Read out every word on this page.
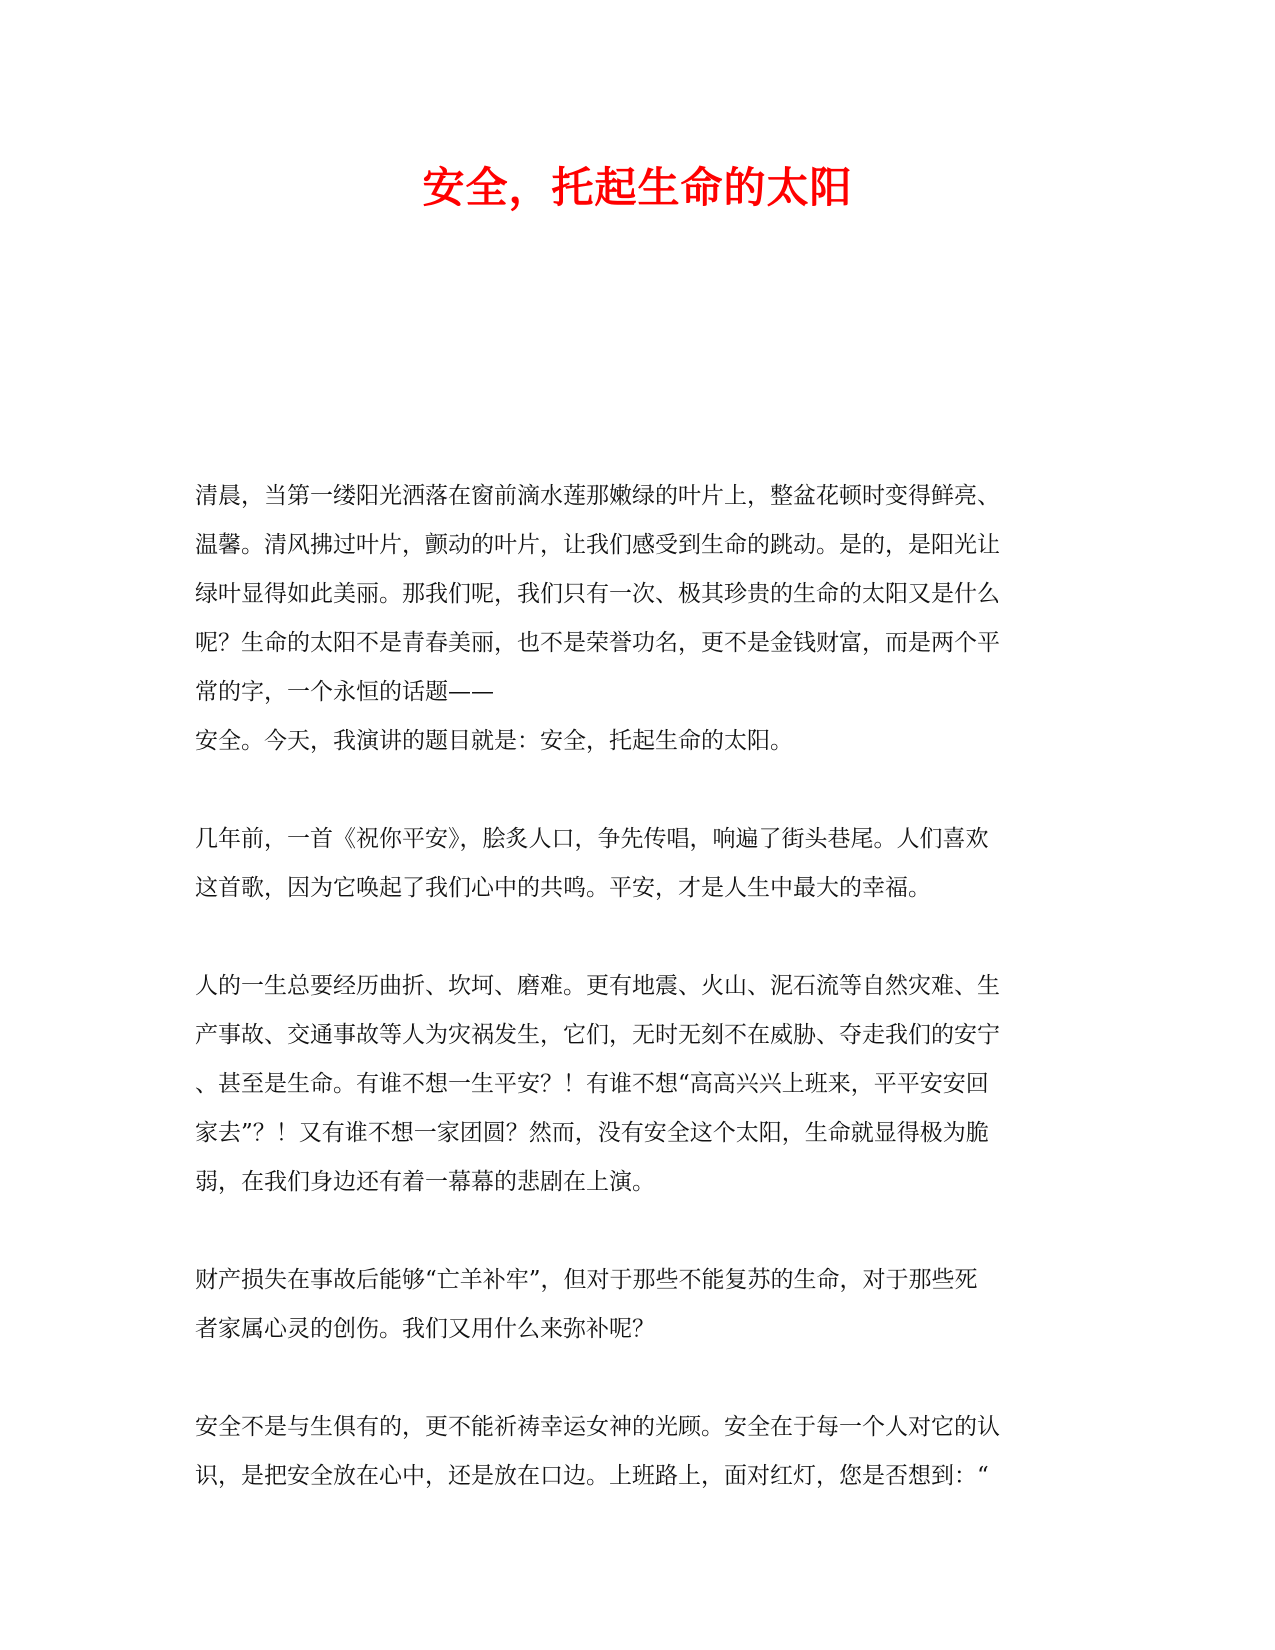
安全，托起生命的太阳

清晨，当第一缕阳光洒落在窗前滴水莲那嫩绿的叶片上，整盆花顿时变得鲜亮、
温馨。清风拂过叶片，颤动的叶片，让我们感受到生命的跳动。是的，是阳光让
绿叶显得如此美丽。那我们呢，我们只有一次、极其珍贵的生命的太阳又是什么
呢？生命的太阳不是青春美丽，也不是荣誉功名，更不是金钱财富，而是两个平
常的字，一个永恒的话题——
安全。今天，我演讲的题目就是：安全，托起生命的太阳。

几年前，一首《祝你平安》，脍炙人口，争先传唱，响遍了街头巷尾。人们喜欢
这首歌，因为它唤起了我们心中的共鸣。平安，才是人生中最大的幸福。

人的一生总要经历曲折、坎坷、磨难。更有地震、火山、泥石流等自然灾难、生
产事故、交通事故等人为灾祸发生，它们，无时无刻不在威胁、夺走我们的安宁
、甚至是生命。有谁不想一生平安？！有谁不想“高高兴兴上班来，平平安安回
家去”？！又有谁不想一家团圆？然而，没有安全这个太阳，生命就显得极为脆
弱，在我们身边还有着一幕幕的悲剧在上演。

财产损失在事故后能够“亡羊补牢”，但对于那些不能复苏的生命，对于那些死
者家属心灵的创伤。我们又用什么来弥补呢？

安全不是与生俱有的，更不能祈祷幸运女神的光顾。安全在于每一个人对它的认
识，是把安全放在心中，还是放在口边。上班路上，面对红灯，您是否想到：“
